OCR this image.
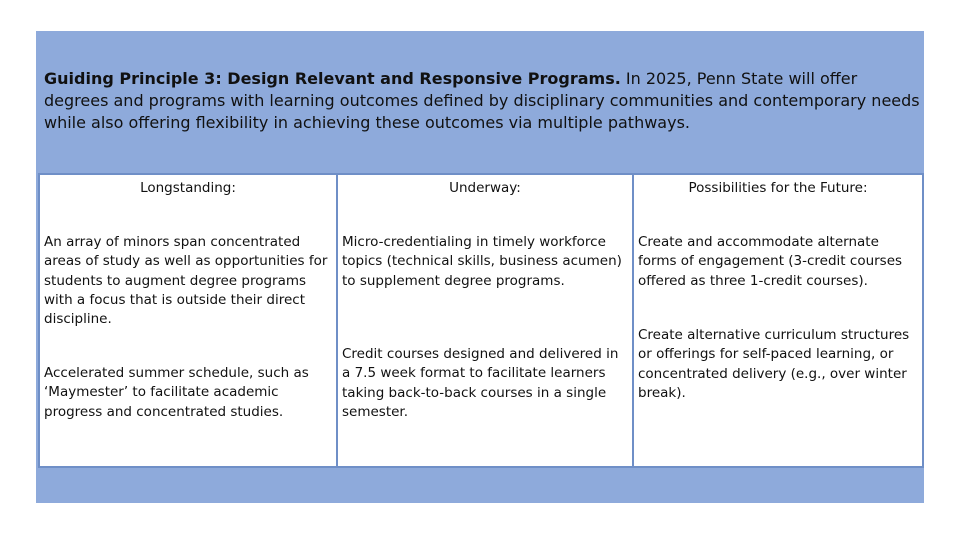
Guiding Principle 3: Design Relevant and Responsive Programs. In 2025, Penn State will offer degrees and programs with learning outcomes defined by disciplinary communities and contemporary needs while also offering flexibility in achieving these outcomes via multiple pathways.
Longstanding:
An array of minors span concentrated areas of study as well as opportunities for students to augment degree programs with a focus that is outside their direct discipline.
Accelerated summer schedule, such as ‘Maymester’ to facilitate academic progress and concentrated studies.
Underway:
Micro-credentialing in timely workforce topics (technical skills, business acumen) to supplement degree programs.
Credit courses designed and delivered in a 7.5 week format to facilitate learners taking back-to-back courses in a single semester.
Possibilities for the Future:
Create and accommodate alternate forms of engagement (3-credit courses offered as three 1-credit courses).
Create alternative curriculum structures or offerings for self-paced learning, or concentrated delivery (e.g., over winter break).
